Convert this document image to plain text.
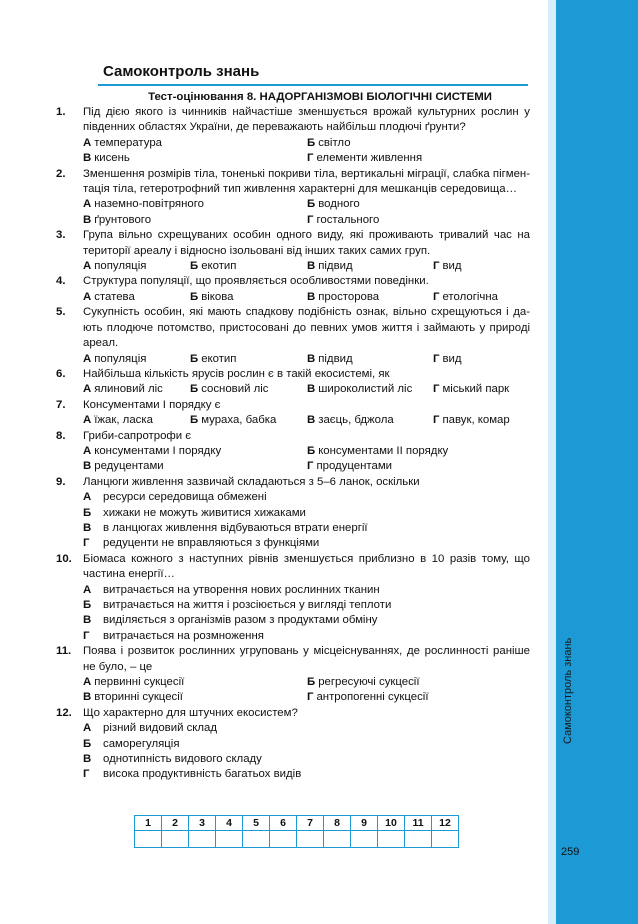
Самоконтроль знань
259
Самоконтроль знань
Тест-оцінювання 8. НАДОРГАНІЗМОВІ БІОЛОГІЧНІ СИСТЕМИ
1. Під дією якого із чинників найчастіше зменшується врожай культурних рослин у південних областях України, де переважають найбільш плодючі ґрунти?
А температура	Б світло
В кисень	Г елементи живлення
2. Зменшення розмірів тіла, тоненькі покриви тіла, вертикальні міграції, слабка пігмен-тація тіла, гетеротрофний тип живлення характерні для мешканців середовища…
А наземно-повітряного	Б водного
В ґрунтового	Г гостального
3. Група вільно схрещуваних особин одного виду, які проживають тривалий час на території ареалу і відносно ізольовані від інших таких самих груп.
А популяція	Б екотип	В підвид	Г вид
4. Структура популяції, що проявляється особливостями поведінки.
А статева	Б вікова	В просторова	Г етологічна
5. Сукупність особин, які мають спадкову подібність ознак, вільно схрещуються і да-ють плодюче потомство, пристосовані до певних умов життя і займають у природі ареал.
А популяція	Б екотип	В підвид	Г вид
6. Найбільша кількість ярусів рослин є в такій екосистемі, як
А ялиновий ліс	Б сосновий ліс	В широколистий ліс	Г міський парк
7. Консументами І порядку є
А їжак, ласка	Б мураха, бабка	В заєць, бджола	Г павук, комар
8. Гриби-сапротрофи є
А консументами І порядку	Б консументами ІІ порядку
В редуцентами	Г продуцентами
9. Ланцюги живлення зазвичай складаються з 5–6 ланок, оскільки
А ресурси середовища обмежені
Б хижаки не можуть живитися хижаками
В в ланцюгах живлення відбуваються втрати енергії
Г редуценти не вправляються з функціями
10. Біомаса кожного з наступних рівнів зменшується приблизно в 10 разів тому, що частина енергії…
А витрачається на утворення нових рослинних тканин
Б витрачається на життя і розсіюється у вигляді теплоти
В виділяється з організмів разом з продуктами обміну
Г витрачається на розмноження
11. Поява і розвиток рослинних угруповань у місцеіснуваннях, де рослинності раніше не було, – це
А первинні сукцесії	Б регресуючі сукцесії
В вторинні сукцесії	Г антропогенні сукцесії
12. Що характерно для штучних екосистем?
А різний видовий склад
Б саморегуляція
В однотипність видового складу
Г висока продуктивність багатьох видів
1	2	3	4	5	6	7	8	9	10	11	12
